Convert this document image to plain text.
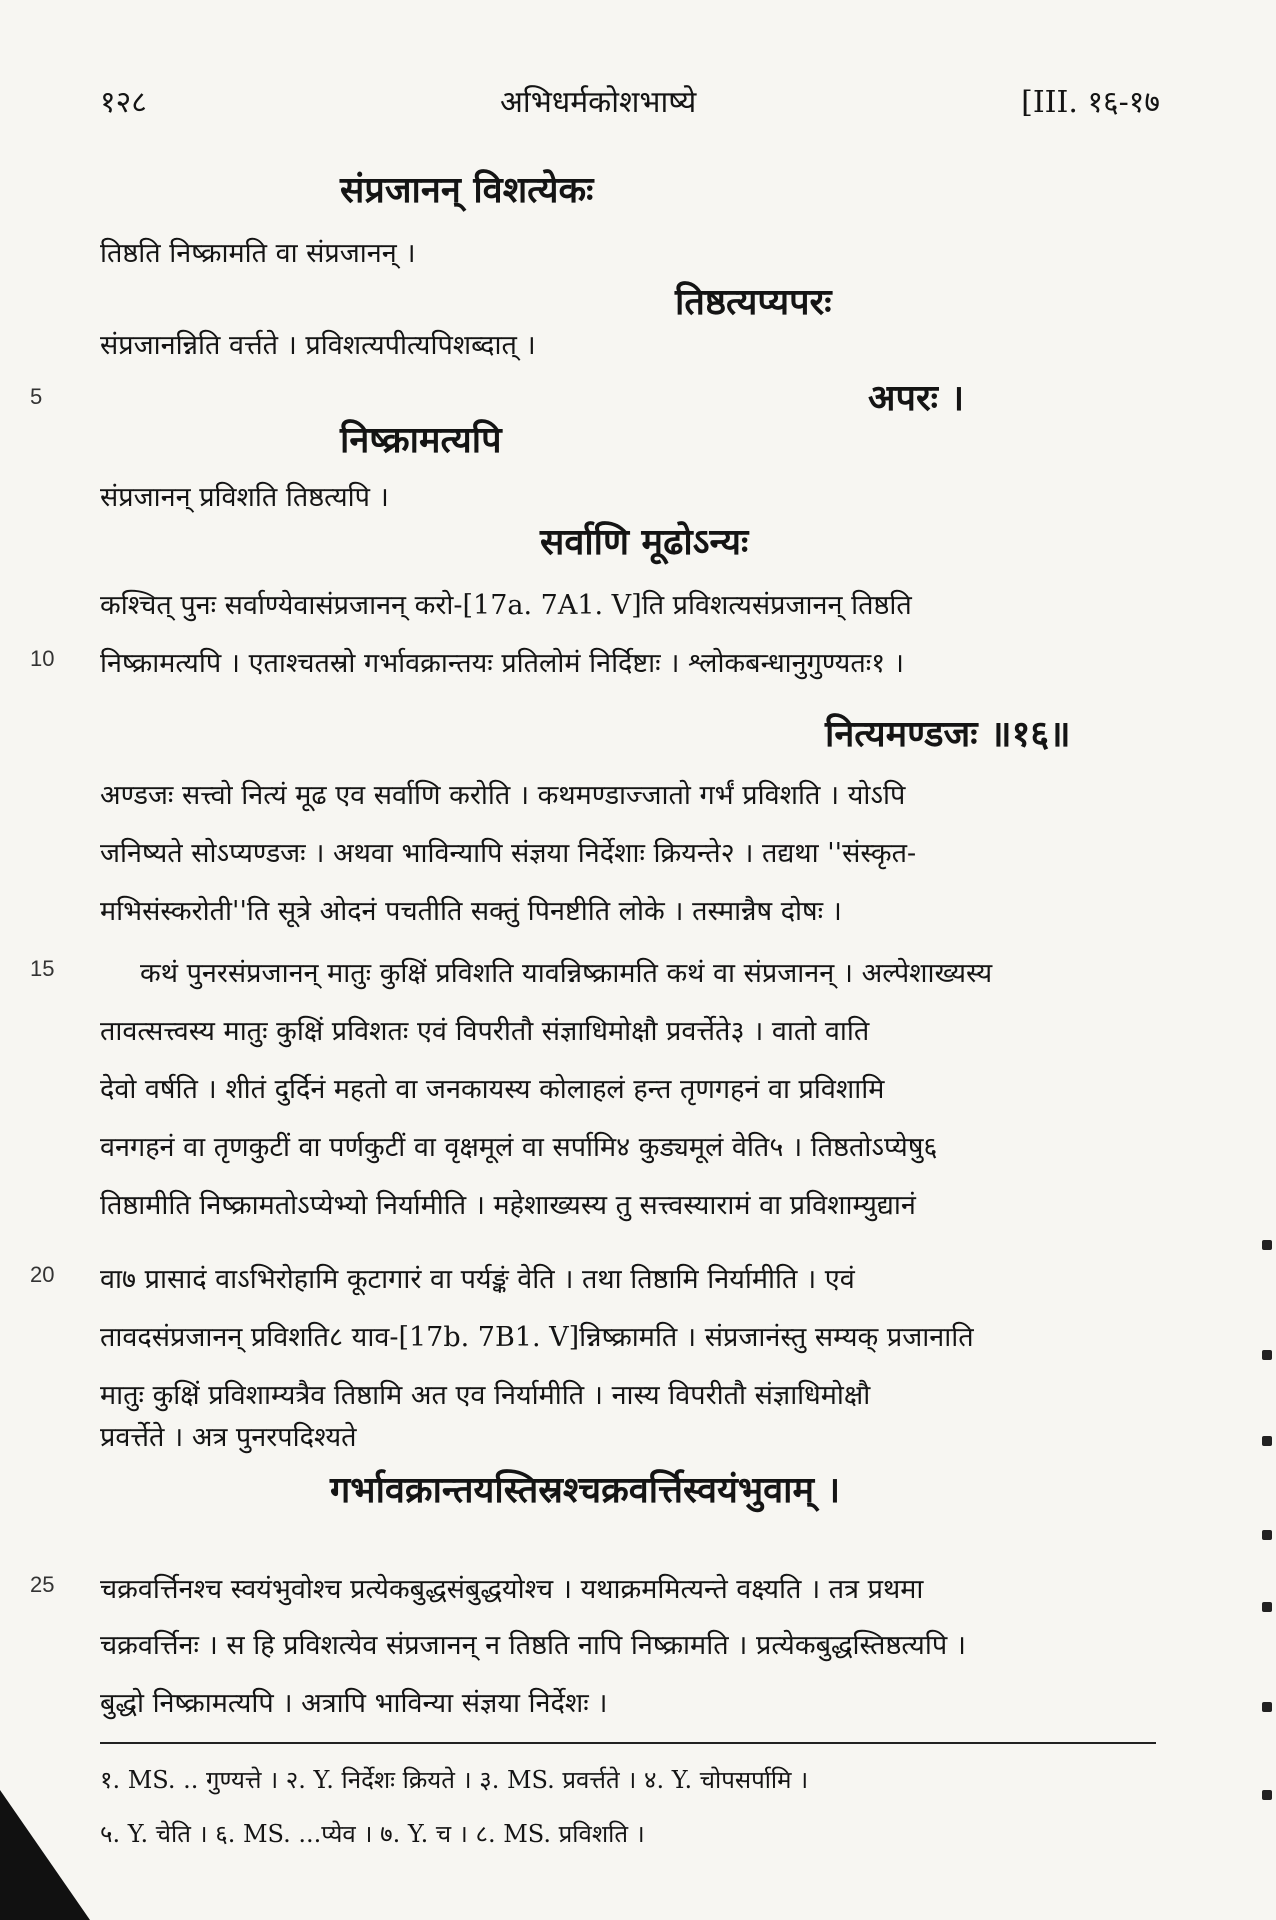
१२८	अभिधर्मकोशभाष्ये	[III. १६-१७
5
10
15
20
25
संप्रजानन् विशत्येकः
तिष्ठति निष्क्रामति वा संप्रजानन् ।
तिष्ठत्यप्यपरः
संप्रजानन्निति वर्त्तते । प्रविशत्यपीत्यपिशब्दात् ।
अपरः ।
निष्क्रामत्यपि
संप्रजानन् प्रविशति तिष्ठत्यपि ।
सर्वाणि मूढोऽन्यः
कश्चित् पुनः सर्वाण्येवासंप्रजानन् करो-[17a. 7A1. V]ति प्रविशत्यसंप्रजानन् तिष्ठति
निष्क्रामत्यपि । एताश्चतस्रो गर्भावक्रान्तयः प्रतिलोमं निर्दिष्टाः । श्लोकबन्धानुगुण्यतः१ ।
नित्यमण्डजः ॥१६॥
अण्डजः सत्त्वो नित्यं मूढ एव सर्वाणि करोति । कथमण्डाज्जातो गर्भं प्रविशति । योऽपि
जनिष्यते सोऽप्यण्डजः । अथवा भाविन्यापि संज्ञया निर्देशाः क्रियन्ते२ । तद्यथा ''संस्कृत-
मभिसंस्करोती''ति सूत्रे ओदनं पचतीति सक्तुं पिनष्टीति लोके । तस्मान्नैष दोषः ।
कथं पुनरसंप्रजानन् मातुः कुक्षिं प्रविशति यावन्निष्क्रामति कथं वा संप्रजानन् । अल्पेशाख्यस्य
तावत्सत्त्वस्य मातुः कुक्षिं प्रविशतः एवं विपरीतौ संज्ञाधिमोक्षौ प्रवर्त्तेते३ । वातो वाति
देवो वर्षति । शीतं दुर्दिनं महतो वा जनकायस्य कोलाहलं हन्त तृणगहनं वा प्रविशामि
वनगहनं वा तृणकुटीं वा पर्णकुटीं वा वृक्षमूलं वा सर्पामि४ कुड्यमूलं वेति५ । तिष्ठतोऽप्येषु६
तिष्ठामीति निष्क्रामतोऽप्येभ्यो निर्यामीति । महेशाख्यस्य तु सत्त्वस्यारामं वा प्रविशाम्युद्यानं
वा७ प्रासादं वाऽभिरोहामि कूटागारं वा पर्यङ्कं वेति । तथा तिष्ठामि निर्यामीति । एवं
तावदसंप्रजानन् प्रविशति८ याव-[17b. 7B1. V]न्निष्क्रामति । संप्रजानंस्तु सम्यक् प्रजानाति
मातुः कुक्षिं प्रविशाम्यत्रैव तिष्ठामि अत एव निर्यामीति । नास्य विपरीतौ संज्ञाधिमोक्षौ
प्रवर्त्तेते । अत्र पुनरपदिश्यते
गर्भावक्रान्तयस्तिस्रश्चक्रवर्त्तिस्वयंभुवाम् ।
चक्रवर्त्तिनश्च स्वयंभुवोश्च प्रत्येकबुद्धसंबुद्धयोश्च । यथाक्रममित्यन्ते वक्ष्यति । तत्र प्रथमा
चक्रवर्त्तिनः । स हि प्रविशत्येव संप्रजानन् न तिष्ठति नापि निष्क्रामति । प्रत्येकबुद्धस्तिष्ठत्यपि ।
बुद्धो निष्क्रामत्यपि । अत्रापि भाविन्या संज्ञया निर्देशः ।
१. MS. .. गुण्यत्ते । २. Y. निर्देशः क्रियते । ३. MS. प्रवर्त्तते । ४. Y. चोपसर्पामि ।
५. Y. चेति । ६. MS. ...प्येव । ७. Y. च । ८. MS. प्रविशति ।
